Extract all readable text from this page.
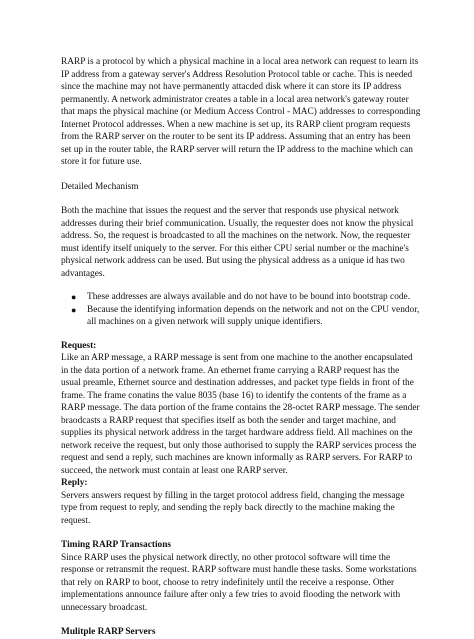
RARP is a protocol by which a physical machine in a local area network can request to learn its IP address from a gateway server's Address Resolution Protocol table or cache. This is needed since the machine may not have permanently attacded disk where it can store its IP address permanently. A network administrator creates a table in a local area network's gateway router that maps the physical machine (or Medium Access Control - MAC) addresses to corresponding Internet Protocol addresses. When a new machine is set up, its RARP client program requests from the RARP server on the router to be sent its IP address. Assuming that an entry has been set up in the router table, the RARP server will return the IP address to the machine which can store it for future use.

Detailed Mechanism

Both the machine that issues the request and the server that responds use physical network addresses during their brief communication. Usually, the requester does not know the physical address. So, the request is broadcasted to all the machines on the network. Now, the requester must identify itself uniquely to the server. For this either CPU serial number or the machine's physical network address can be used. But using the physical address as a unique id has two advantages.

● These addresses are always available and do not have to be bound into bootstrap code.
● Because the identifying information depends on the network and not on the CPU vendor, all machines on a given network will supply unique identifiers.

Request:

Like an ARP message, a RARP message is sent from one machine to the another encapsulated in the data portion of a network frame. An ethernet frame carrying a RARP request has the usual preamle, Ethernet source and destination addresses, and packet type fields in front of the frame. The frame conatins the value 8035 (base 16) to identify the contents of the frame as a RARP message. The data portion of the frame contains the 28-octet RARP message. The sender braodcasts a RARP request that specifies itself as both the sender and target machine, and supplies its physical network address in the target hardware address field. All machines on the network receive the request, but only those authorised to supply the RARP services process the request and send a reply, such machines are known informally as RARP servers. For RARP to succeed, the network must contain at least one RARP server.

Reply:

Servers answers request by filling in the target protocol address field, changing the message type from request to reply, and sending the reply back directly to the machine making the request.

Timing RARP Transactions

Since RARP uses the physical network directly, no other protocol software will time the response or retransmit the request. RARP software must handle these tasks. Some workstations that rely on RARP to boot, choose to retry indefinitely until the receive a response. Other implementations announce failure after only a few tries to avoid flooding the network with unnecessary broadcast.

Mulitple RARP Servers
